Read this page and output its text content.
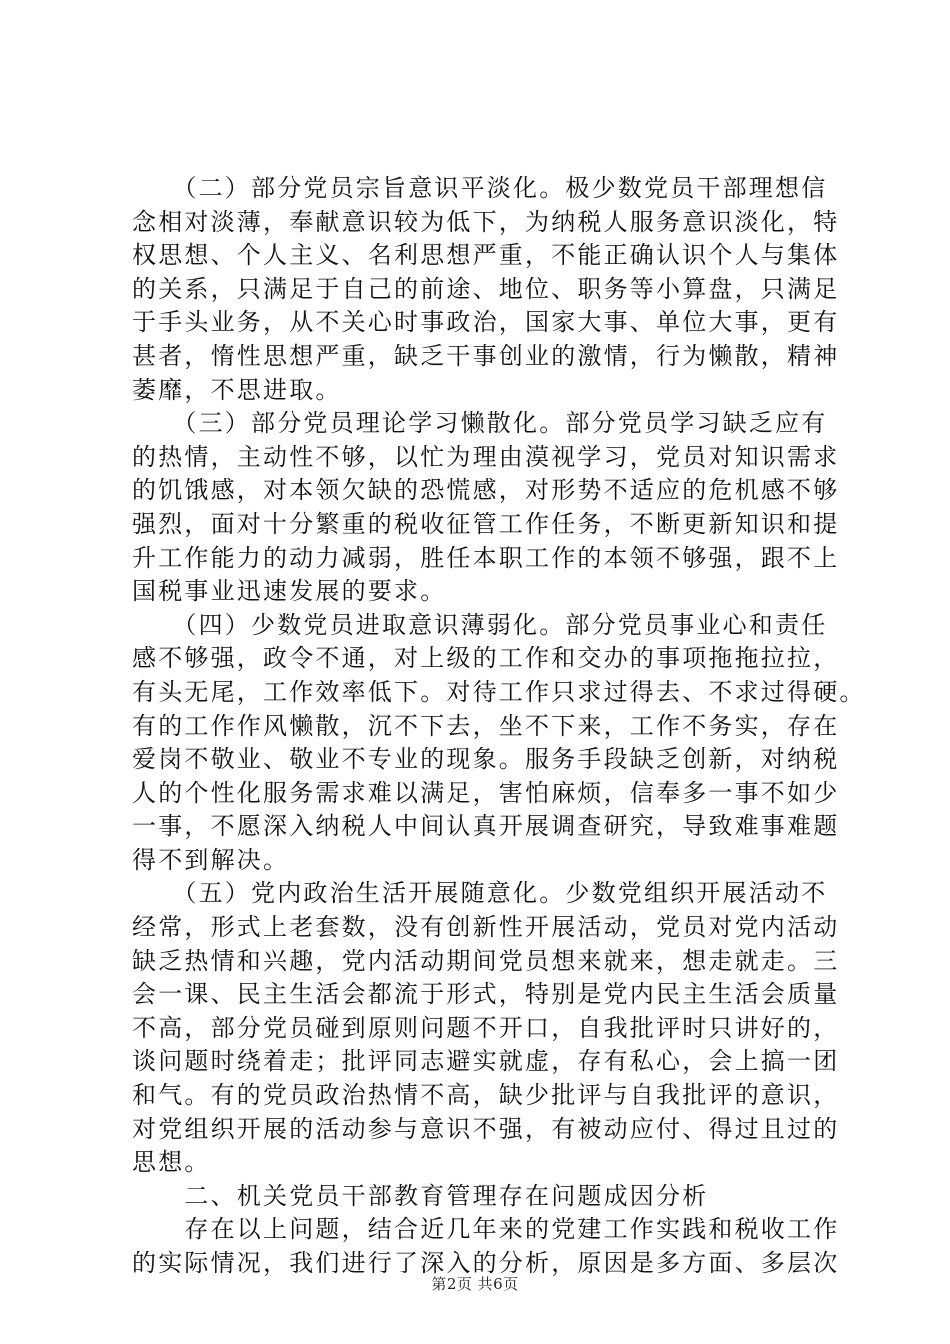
　　（二）部分党员宗旨意识平淡化。极少数党员干部理想信
念相对淡薄，奉献意识较为低下，为纳税人服务意识淡化，特
权思想、个人主义、名利思想严重，不能正确认识个人与集体
的关系，只满足于自己的前途、地位、职务等小算盘，只满足
于手头业务，从不关心时事政治，国家大事、单位大事，更有
甚者，惰性思想严重，缺乏干事创业的激情，行为懒散，精神
萎靡，不思进取。
　　（三）部分党员理论学习懒散化。部分党员学习缺乏应有
的热情，主动性不够，以忙为理由漠视学习，党员对知识需求
的饥饿感，对本领欠缺的恐慌感，对形势不适应的危机感不够
强烈，面对十分繁重的税收征管工作任务，不断更新知识和提
升工作能力的动力减弱，胜任本职工作的本领不够强，跟不上
国税事业迅速发展的要求。
　　（四）少数党员进取意识薄弱化。部分党员事业心和责任
感不够强，政令不通，对上级的工作和交办的事项拖拖拉拉，
有头无尾，工作效率低下。对待工作只求过得去、不求过得硬。
有的工作作风懒散，沉不下去，坐不下来，工作不务实，存在
爱岗不敬业、敬业不专业的现象。服务手段缺乏创新，对纳税
人的个性化服务需求难以满足，害怕麻烦，信奉多一事不如少
一事，不愿深入纳税人中间认真开展调查研究，导致难事难题
得不到解决。
　　（五）党内政治生活开展随意化。少数党组织开展活动不
经常，形式上老套数，没有创新性开展活动，党员对党内活动
缺乏热情和兴趣，党内活动期间党员想来就来，想走就走。三
会一课、民主生活会都流于形式，特别是党内民主生活会质量
不高，部分党员碰到原则问题不开口，自我批评时只讲好的，
谈问题时绕着走；批评同志避实就虚，存有私心，会上搞一团
和气。有的党员政治热情不高，缺少批评与自我批评的意识，
对党组织开展的活动参与意识不强，有被动应付、得过且过的
思想。
　　二、机关党员干部教育管理存在问题成因分析
　　存在以上问题，结合近几年来的党建工作实践和税收工作
的实际情况，我们进行了深入的分析，原因是多方面、多层次
第2页 共6页
